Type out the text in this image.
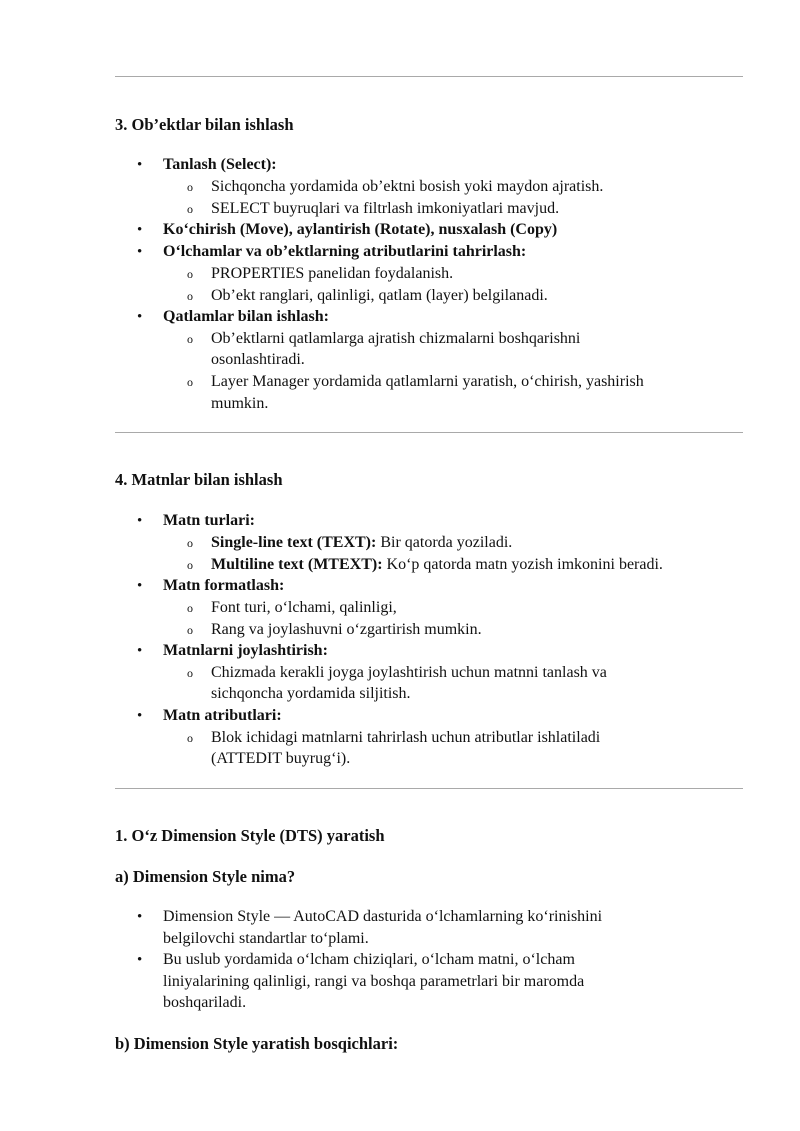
3. Ob’ektlar bilan ishlash
• Tanlash (Select):
o Sichqoncha yordamida ob’ektni bosish yoki maydon ajratish.
o SELECT buyruqlari va filtrlash imkoniyatlari mavjud.
• Ko‘chirish (Move), aylantirish (Rotate), nusxalash (Copy)
• O‘lchamlar va ob’ektlarning atributlarini tahrirlash:
o PROPERTIES panelidan foydalanish.
o Ob’ekt ranglari, qalinligi, qatlam (layer) belgilanadi.
• Qatlamlar bilan ishlash:
o Ob’ektlarni qatlamlarga ajratish chizmalarni boshqarishni
osonlashtiradi.
o Layer Manager yordamida qatlamlarni yaratish, o‘chirish, yashirish
mumkin.
4. Matnlar bilan ishlash
• Matn turlari:
o Single-line text (TEXT): Bir qatorda yoziladi.
o Multiline text (MTEXT): Ko‘p qatorda matn yozish imkonini beradi.
• Matn formatlash:
o Font turi, o‘lchami, qalinligi,
o Rang va joylashuvni o‘zgartirish mumkin.
• Matnlarni joylashtirish:
o Chizmada kerakli joyga joylashtirish uchun matnni tanlash va
sichqoncha yordamida siljitish.
• Matn atributlari:
o Blok ichidagi matnlarni tahrirlash uchun atributlar ishlatiladi
(ATTEDIT buyrug‘i).
1. O‘z Dimension Style (DTS) yaratish
a) Dimension Style nima?
• Dimension Style — AutoCAD dasturida o‘lchamlarning ko‘rinishini
belgilovchi standartlar to‘plami.
• Bu uslub yordamida o‘lcham chiziqlari, o‘lcham matni, o‘lcham
liniyalarining qalinligi, rangi va boshqa parametrlari bir maromda
boshqariladi.
b) Dimension Style yaratish bosqichlari:
